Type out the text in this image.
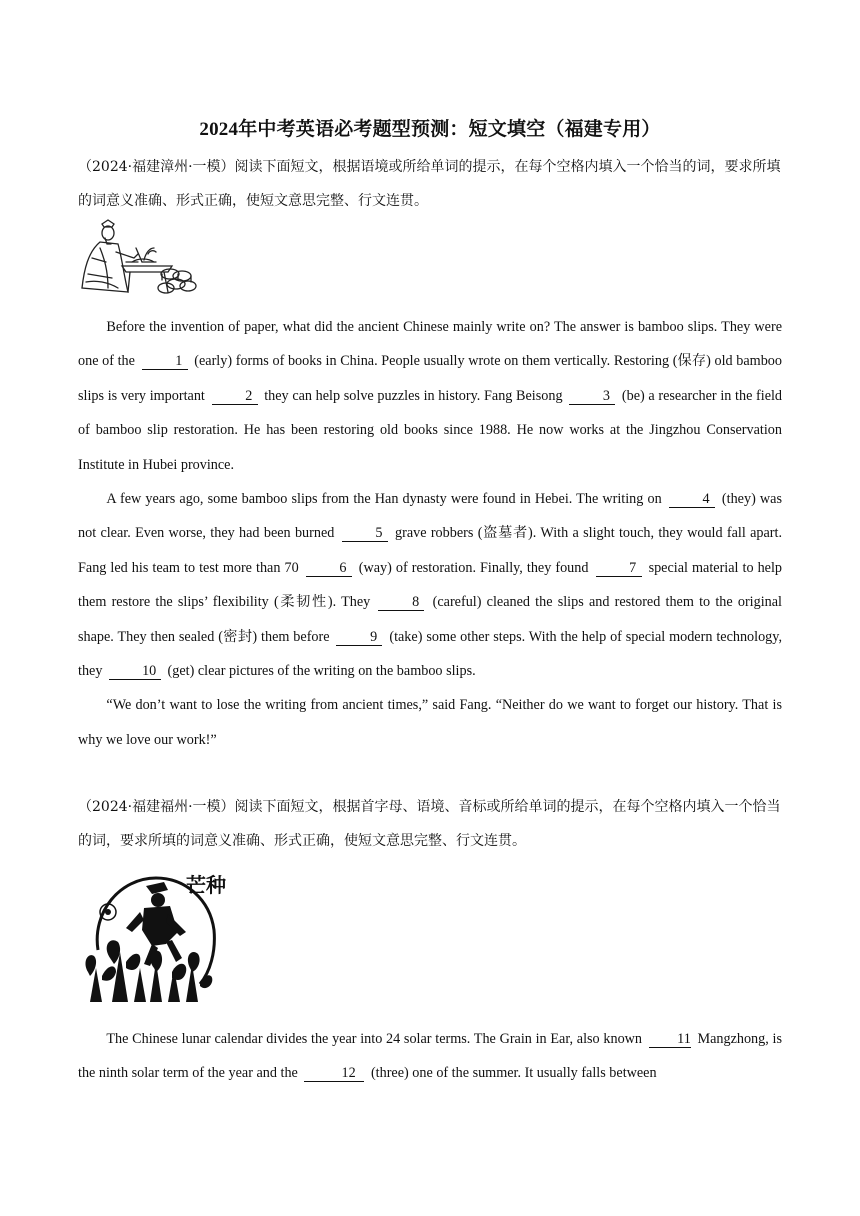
2024年中考英语必考题型预测：短文填空（福建专用）
（2024·福建漳州·一模）阅读下面短文，根据语境或所给单词的提示，在每个空格内填入一个恰当的词，要求所填的词意义准确、形式正确，使短文意思完整、行文连贯。

Before the invention of paper, what did the ancient Chinese mainly write on? The answer is bamboo slips. They were one of the	1 (early) forms of books in China. People usually wrote on them vertically. Restoring (保存) old bamboo slips is very important	2 they can help solve puzzles in history. Fang Beisong	3 (be) a researcher in the field of bamboo slip restoration. He has been restoring old books since 1988. He now works at the Jingzhou Conservation Institute in Hubei province.

A few years ago, some bamboo slips from the Han dynasty were found in Hebei. The writing on	4 (they) was not clear. Even worse, they had been burned	5 grave robbers (盗墓者). With a slight touch, they would fall apart. Fang led his team to test more than 70	6 (way) of restoration. Finally, they found	7 special material to help them restore the slips’ flexibility (柔韧性). They	8 (careful) cleaned the slips and restored them to the original shape. They then sealed (密封) them before	9 (take) some other steps. With the help of special modern technology, they	10 (get) clear pictures of the writing on the bamboo slips.

“We don’t want to lose the writing from ancient times,” said Fang. “Neither do we want to forget our history. That is why we love our work!”

（2024·福建福州·一模）阅读下面短文，根据首字母、语境、音标或所给单词的提示，在每个空格内填入一个恰当的词，要求所填的词意义准确、形式正确，使短文意思完整、行文连贯。
芒种

The Chinese lunar calendar divides the year into 24 solar terms. The Grain in Ear, also known 11 Mangzhong, is the ninth solar term of the year and the	12 (three) one of the summer. It usually falls between
